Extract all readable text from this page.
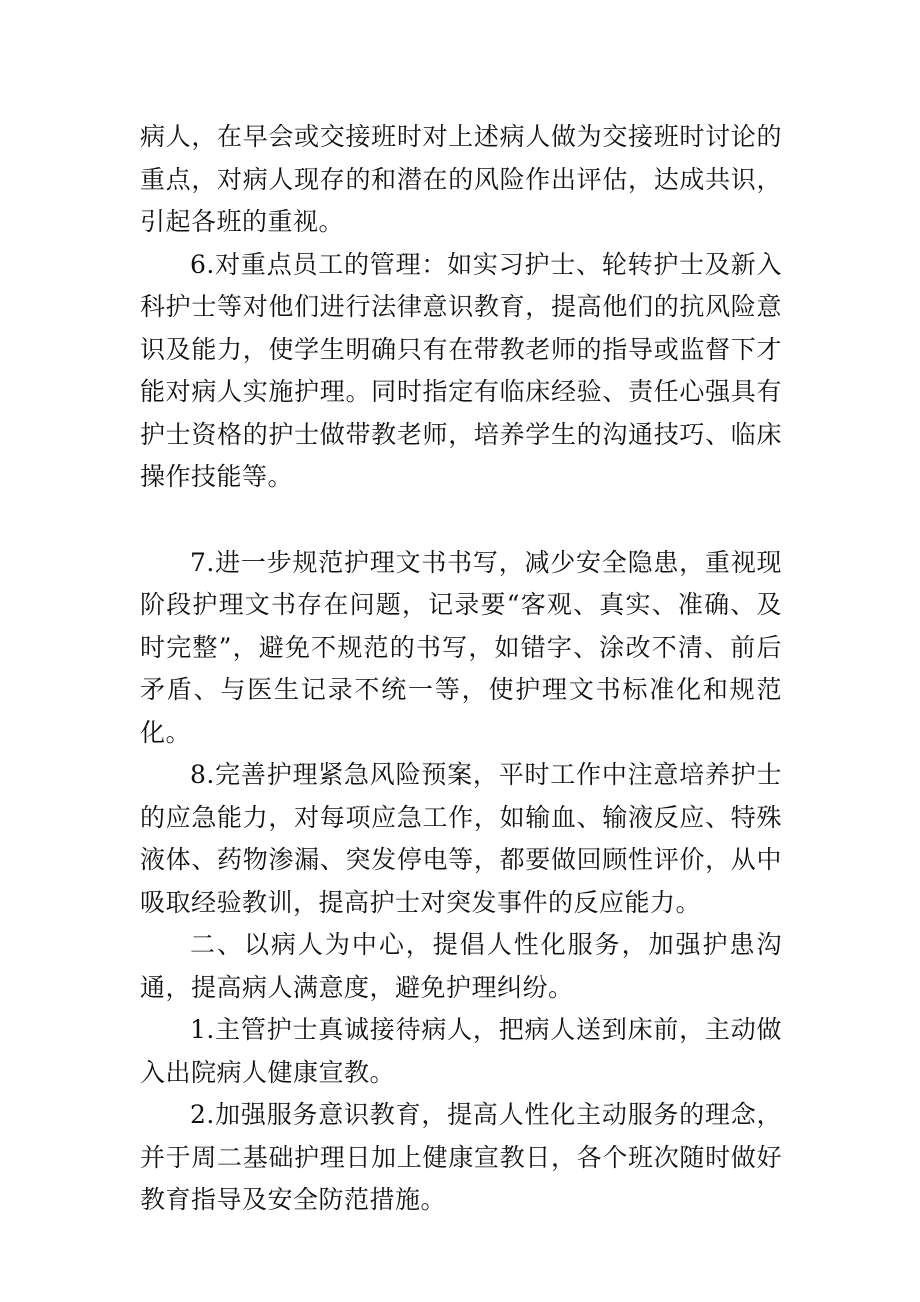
病人，在早会或交接班时对上述病人做为交接班时讨论的重点，对病人现存的和潜在的风险作出评估，达成共识，引起各班的重视。

6.对重点员工的管理：如实习护士、轮转护士及新入科护士等对他们进行法律意识教育，提高他们的抗风险意识及能力，使学生明确只有在带教老师的指导或监督下才能对病人实施护理。同时指定有临床经验、责任心强具有护士资格的护士做带教老师，培养学生的沟通技巧、临床操作技能等。

7.进一步规范护理文书书写，减少安全隐患，重视现阶段护理文书存在问题，记录要“客观、真实、准确、及时完整”，避免不规范的书写，如错字、涂改不清、前后矛盾、与医生记录不统一等，使护理文书标准化和规范化。

8.完善护理紧急风险预案，平时工作中注意培养护士的应急能力，对每项应急工作，如输血、输液反应、特殊液体、药物渗漏、突发停电等，都要做回顾性评价，从中吸取经验教训，提高护士对突发事件的反应能力。

二、以病人为中心，提倡人性化服务，加强护患沟通，提高病人满意度，避免护理纠纷。

1.主管护士真诚接待病人，把病人送到床前，主动做入出院病人健康宣教。

2.加强服务意识教育，提高人性化主动服务的理念，并于周二基础护理日加上健康宣教日，各个班次随时做好教育指导及安全防范措施。
